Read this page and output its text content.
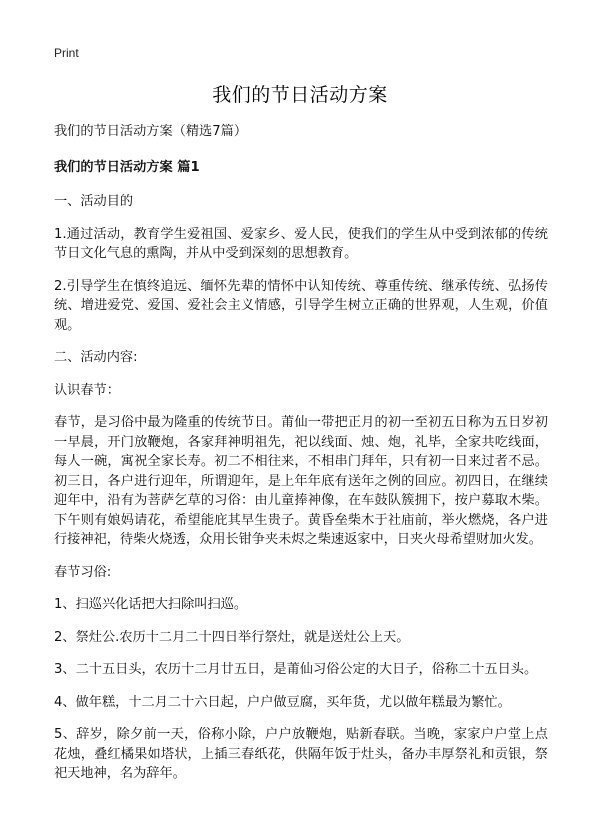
Print
我们的节日活动方案

我们的节日活动方案（精选7篇）

我们的节日活动方案 篇1

一、活动目的

1.通过活动，教育学生爱祖国、爱家乡、爱人民，使我们的学生从中受到浓郁的传统节日文化气息的熏陶，并从中受到深刻的思想教育。

2.引导学生在慎终追远、缅怀先辈的情怀中认知传统、尊重传统、继承传统、弘扬传统、增进爱党、爱国、爱社会主义情感，引导学生树立正确的世界观，人生观，价值观。

二、活动内容:

认识春节：

春节，是习俗中最为隆重的传统节日。莆仙一带把正月的初一至初五日称为五日岁初一早晨，开门放鞭炮，各家拜神明祖先，祀以线面、烛、炮，礼毕，全家共吃线面，每人一碗，寓祝全家长寿。初二不相往来，不相串门拜年，只有初一日来过者不忌。初三日，各户进行迎年，所谓迎年，是上年年底有送年之例的回应。初四日，在继续迎年中，沿有为菩萨乞草的习俗：由儿童捧神像，在车鼓队簇拥下，按户募取木柴。下午则有娘妈请花，希望能庇其早生贵子。黄昏垒柴木于社庙前，举火燃烧，各户进行接神祀，待柴火烧透，众用长钳争夹未烬之柴速返家中，日夹火母希望财加火发。

春节习俗:

1、扫巡兴化话把大扫除叫扫巡。

2、祭灶公.农历十二月二十四日举行祭灶，就是送灶公上天。

3、二十五日头，农历十二月廿五日，是莆仙习俗公定的大日子，俗称二十五日头。

4、做年糕，十二月二十六日起，户户做豆腐，买年货，尤以做年糕最为繁忙。

5、辞岁，除夕前一天，俗称小除，户户放鞭炮，贴新春联。当晚，家家户户堂上点花烛，叠红橘果如塔状，上插三春纸花，供隔年饭于灶头，备办丰厚祭礼和贡银，祭祀天地神，名为辞年。
